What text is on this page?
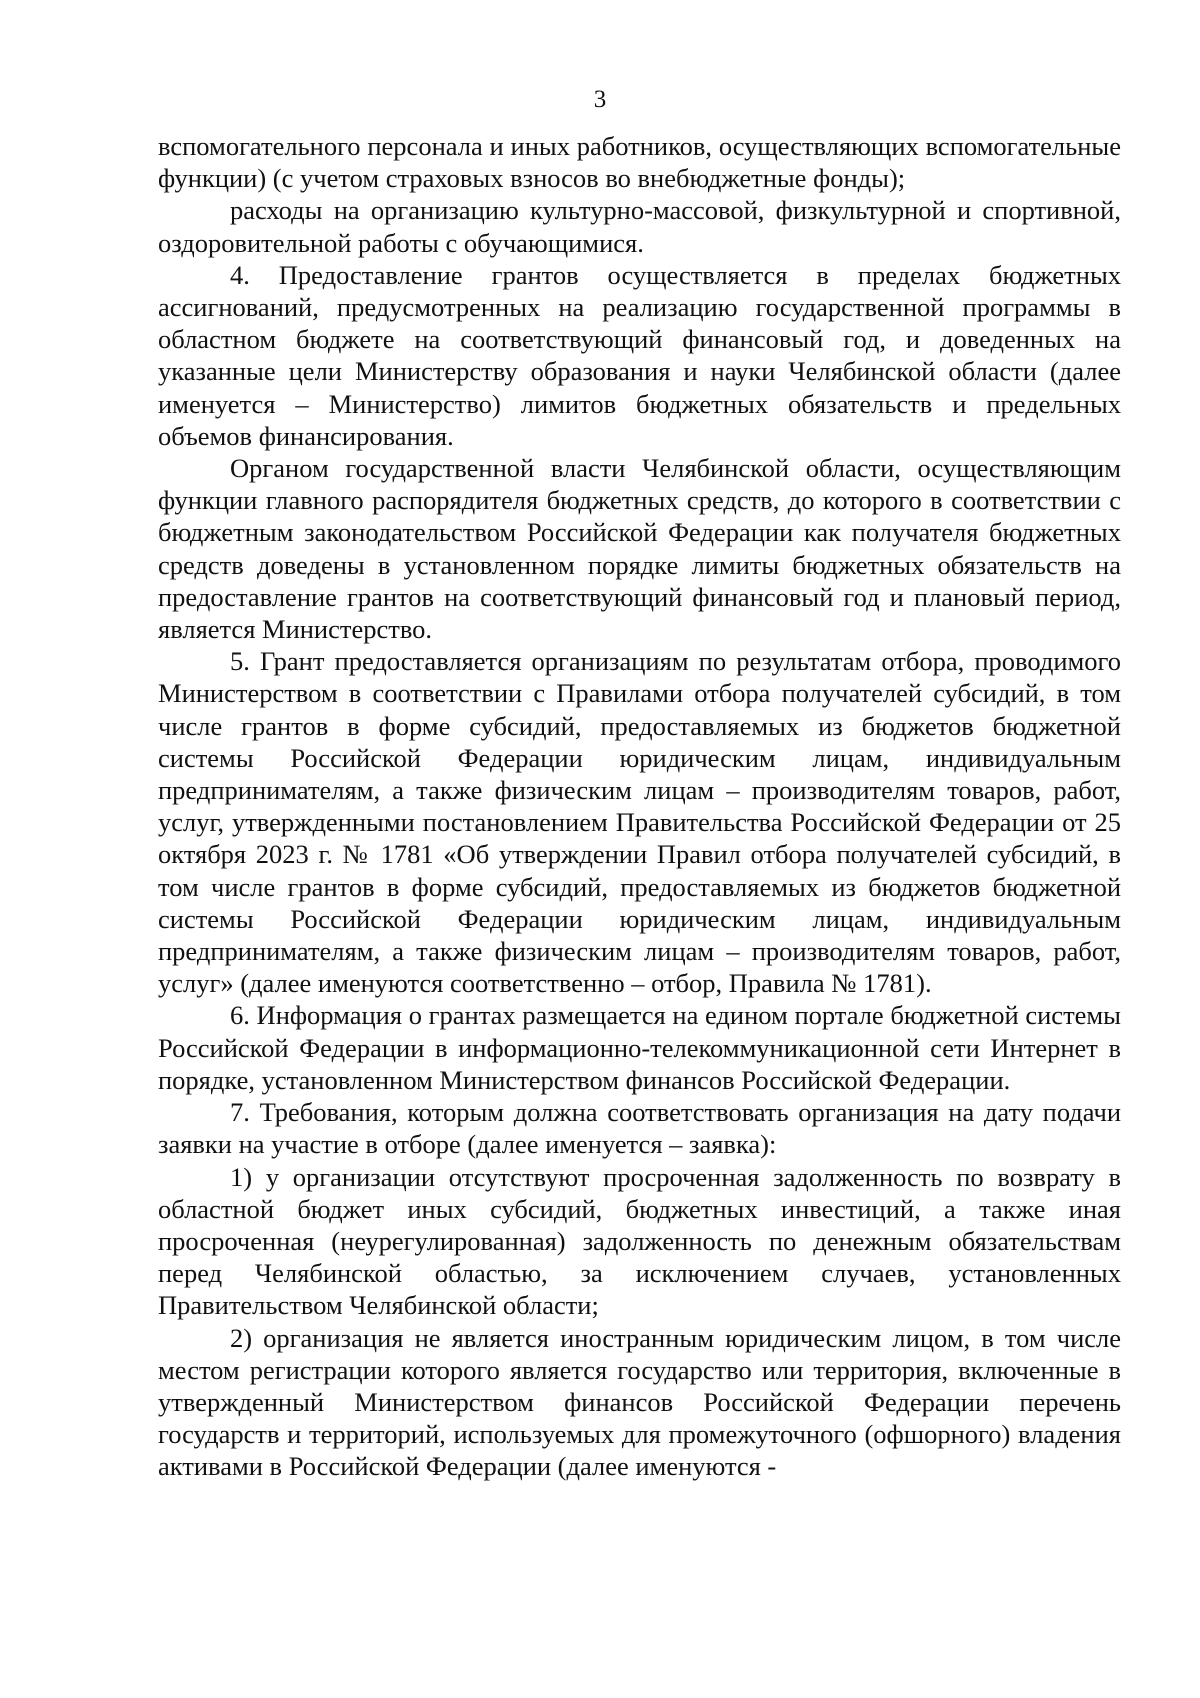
3

вспомогательного персонала и иных работников, осуществляющих вспомогательные функции) (с учетом страховых взносов во внебюджетные фонды);

расходы на организацию культурно-массовой, физкультурной и спортивной, оздоровительной работы с обучающимися.

4. Предоставление грантов осуществляется в пределах бюджетных ассигнований, предусмотренных на реализацию государственной программы в областном бюджете на соответствующий финансовый год, и доведенных на указанные цели Министерству образования и науки Челябинской области (далее именуется – Министерство) лимитов бюджетных обязательств и предельных объемов финансирования.

Органом государственной власти Челябинской области, осуществляющим функции главного распорядителя бюджетных средств, до которого в соответствии с бюджетным законодательством Российской Федерации как получателя бюджетных средств доведены в установленном порядке лимиты бюджетных обязательств на предоставление грантов на соответствующий финансовый год и плановый период, является Министерство.

5. Грант предоставляется организациям по результатам отбора, проводимого Министерством в соответствии с Правилами отбора получателей субсидий, в том числе грантов в форме субсидий, предоставляемых из бюджетов бюджетной системы Российской Федерации юридическим лицам, индивидуальным предпринимателям, а также физическим лицам – производителям товаров, работ, услуг, утвержденными постановлением Правительства Российской Федерации от 25 октября 2023 г. № 1781 «Об утверждении Правил отбора получателей субсидий, в том числе грантов в форме субсидий, предоставляемых из бюджетов бюджетной системы Российской Федерации юридическим лицам, индивидуальным предпринимателям, а также физическим лицам – производителям товаров, работ, услуг» (далее именуются соответственно – отбор, Правила № 1781).

6. Информация о грантах размещается на едином портале бюджетной системы Российской Федерации в информационно-телекоммуникационной сети Интернет в порядке, установленном Министерством финансов Российской Федерации.

7. Требования, которым должна соответствовать организация на дату подачи заявки на участие в отборе (далее именуется – заявка):

1) у организации отсутствуют просроченная задолженность по возврату в областной бюджет иных субсидий, бюджетных инвестиций, а также иная просроченная (неурегулированная) задолженность по денежным обязательствам перед Челябинской областью, за исключением случаев, установленных Правительством Челябинской области;

2) организация не является иностранным юридическим лицом, в том числе местом регистрации которого является государство или территория, включенные в утвержденный Министерством финансов Российской Федерации перечень государств и территорий, используемых для промежуточного (офшорного) владения активами в Российской Федерации (далее именуются -
